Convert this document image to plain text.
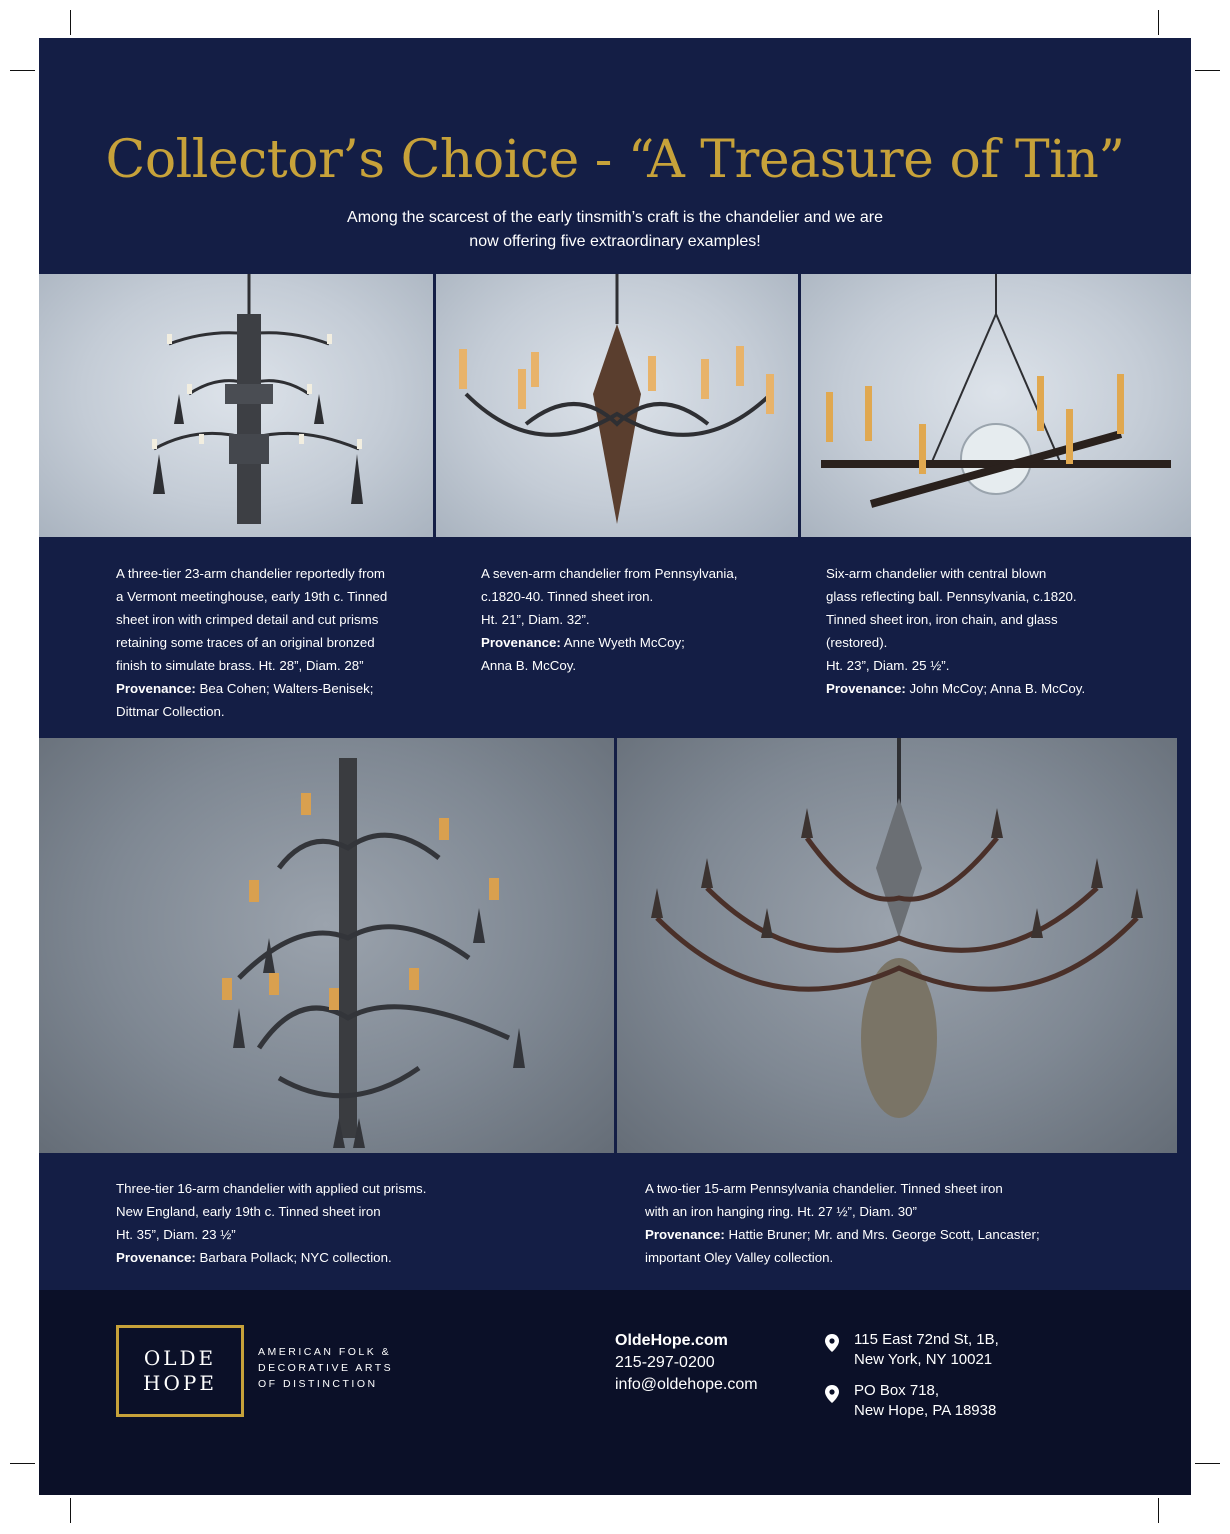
Collector’s Choice - “A Treasure of Tin”
Among the scarcest of the early tinsmith’s craft is the chandelier and we are
now offering five extraordinary examples!

A three-tier 23-arm chandelier reportedly from

a Vermont meetinghouse, early 19th c. Tinned

sheet iron with crimped detail and cut prisms

retaining some traces of an original bronzed

finish to simulate brass. Ht. 28”, Diam. 28”

Provenance: Bea Cohen; Walters-Benisek;

Dittmar Collection.

A seven-arm chandelier from Pennsylvania,

c.1820-40. Tinned sheet iron.

Ht. 21”, Diam. 32”.

Provenance: Anne Wyeth McCoy;

Anna B. McCoy.

Six-arm chandelier with central blown

glass reflecting ball. Pennsylvania, c.1820.

Tinned sheet iron, iron chain, and glass

(restored).

Ht. 23”, Diam. 25 ½”.

Provenance: John McCoy; Anna B. McCoy.

Three-tier 16-arm chandelier with applied cut prisms.

New England, early 19th c. Tinned sheet iron

Ht. 35”, Diam. 23 ½”

Provenance: Barbara Pollack; NYC collection.

A two-tier 15-arm Pennsylvania chandelier. Tinned sheet iron

with an iron hanging ring. Ht. 27 ½”, Diam. 30”

Provenance: Hattie Bruner; Mr. and Mrs. George Scott, Lancaster;

important Oley Valley collection.

OLDE
HOPE
AMERICAN FOLK &
DECORATIVE ARTS
OF DISTINCTION
OldeHope.com
215-297-0200
info@oldehope.com
115 East 72nd St, 1B,
New York, NY 10021
PO Box 718,
New Hope, PA 18938
